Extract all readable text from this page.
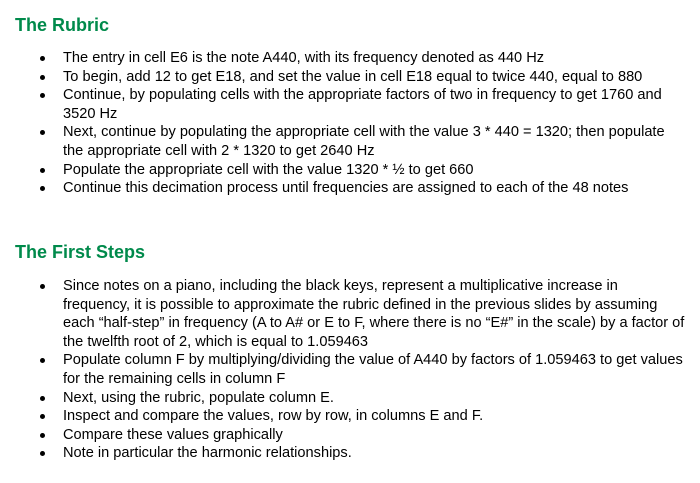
The Rubric
The entry in cell E6 is the note A440, with its frequency denoted as 440 Hz
To begin, add 12 to get E18, and set the value in cell E18 equal to twice 440, equal to 880
Continue, by populating cells with the appropriate factors of two in frequency to get 1760 and 3520 Hz
Next, continue by populating the appropriate cell with the value 3 * 440 = 1320; then populate the appropriate cell with 2 * 1320 to get 2640 Hz
Populate the appropriate cell with the value 1320 * ½ to get 660
Continue this decimation process until frequencies are assigned to each of the 48 notes
The First Steps
Since notes on a piano, including the black keys, represent a multiplicative increase in frequency, it is possible to approximate the rubric defined in the previous slides by assuming each “half-step” in frequency (A to A# or E to F, where there is no “E#” in the scale) by a factor of the twelfth root of 2, which is equal to 1.059463
Populate column F by multiplying/dividing the value of A440 by factors of 1.059463 to get values for the remaining cells in column F
Next, using the rubric, populate column E.
Inspect and compare the values, row by row, in columns E and F.
Compare these values graphically
Note in particular the harmonic relationships.
